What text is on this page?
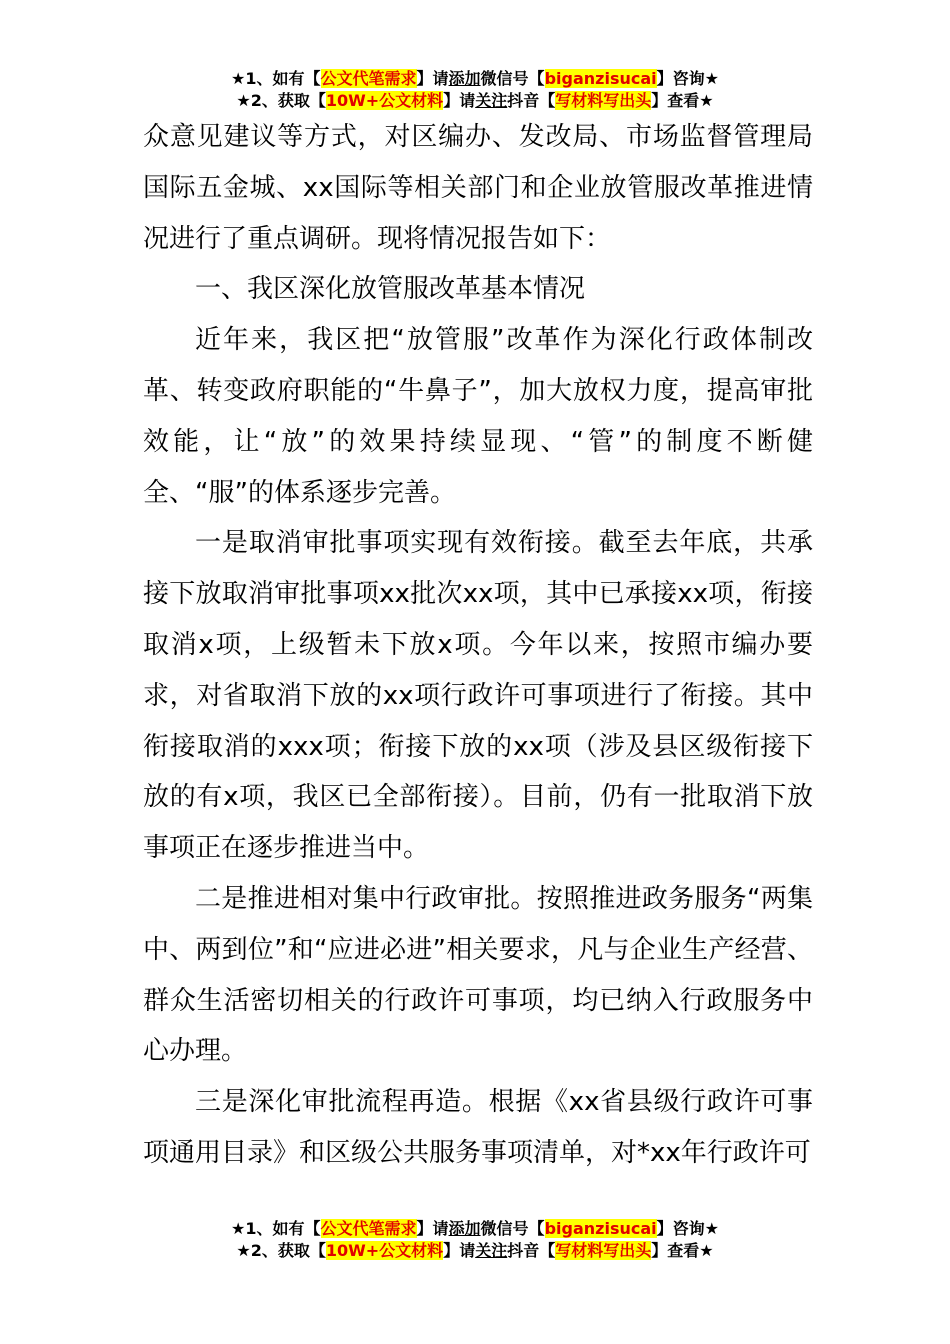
★1、如有【公文代笔需求】请添加微信号【biganzisucai】咨询★
★2、获取【10W+公文材料】请关注抖音【写材料写出头】查看★

众意见建议等方式，对区编办、发改局、市场监督管理局国际五金城、xx国际等相关部门和企业放管服改革推进情况进行了重点调研。现将情况报告如下：

一、我区深化放管服改革基本情况

近年来，我区把“放管服”改革作为深化行政体制改革、转变政府职能的“牛鼻子”，加大放权力度，提高审批效能，让“放”的效果持续显现、“管”的制度不断健全、“服”的体系逐步完善。

一是取消审批事项实现有效衔接。截至去年底，共承接下放取消审批事项xx批次xx项，其中已承接xx项，衔接取消x项，上级暂未下放x项。今年以来，按照市编办要求，对省取消下放的xx项行政许可事项进行了衔接。其中衔接取消的xxx项；衔接下放的xx项（涉及县区级衔接下放的有x项，我区已全部衔接）。目前，仍有一批取消下放事项正在逐步推进当中。

二是推进相对集中行政审批。按照推进政务服务“两集中、两到位”和“应进必进”相关要求，凡与企业生产经营、群众生活密切相关的行政许可事项，均已纳入行政服务中心办理。

三是深化审批流程再造。根据《xx省县级行政许可事项通用目录》和区级公共服务事项清单，对*xx年行政许可

★1、如有【公文代笔需求】请添加微信号【biganzisucai】咨询★
★2、获取【10W+公文材料】请关注抖音【写材料写出头】查看★
